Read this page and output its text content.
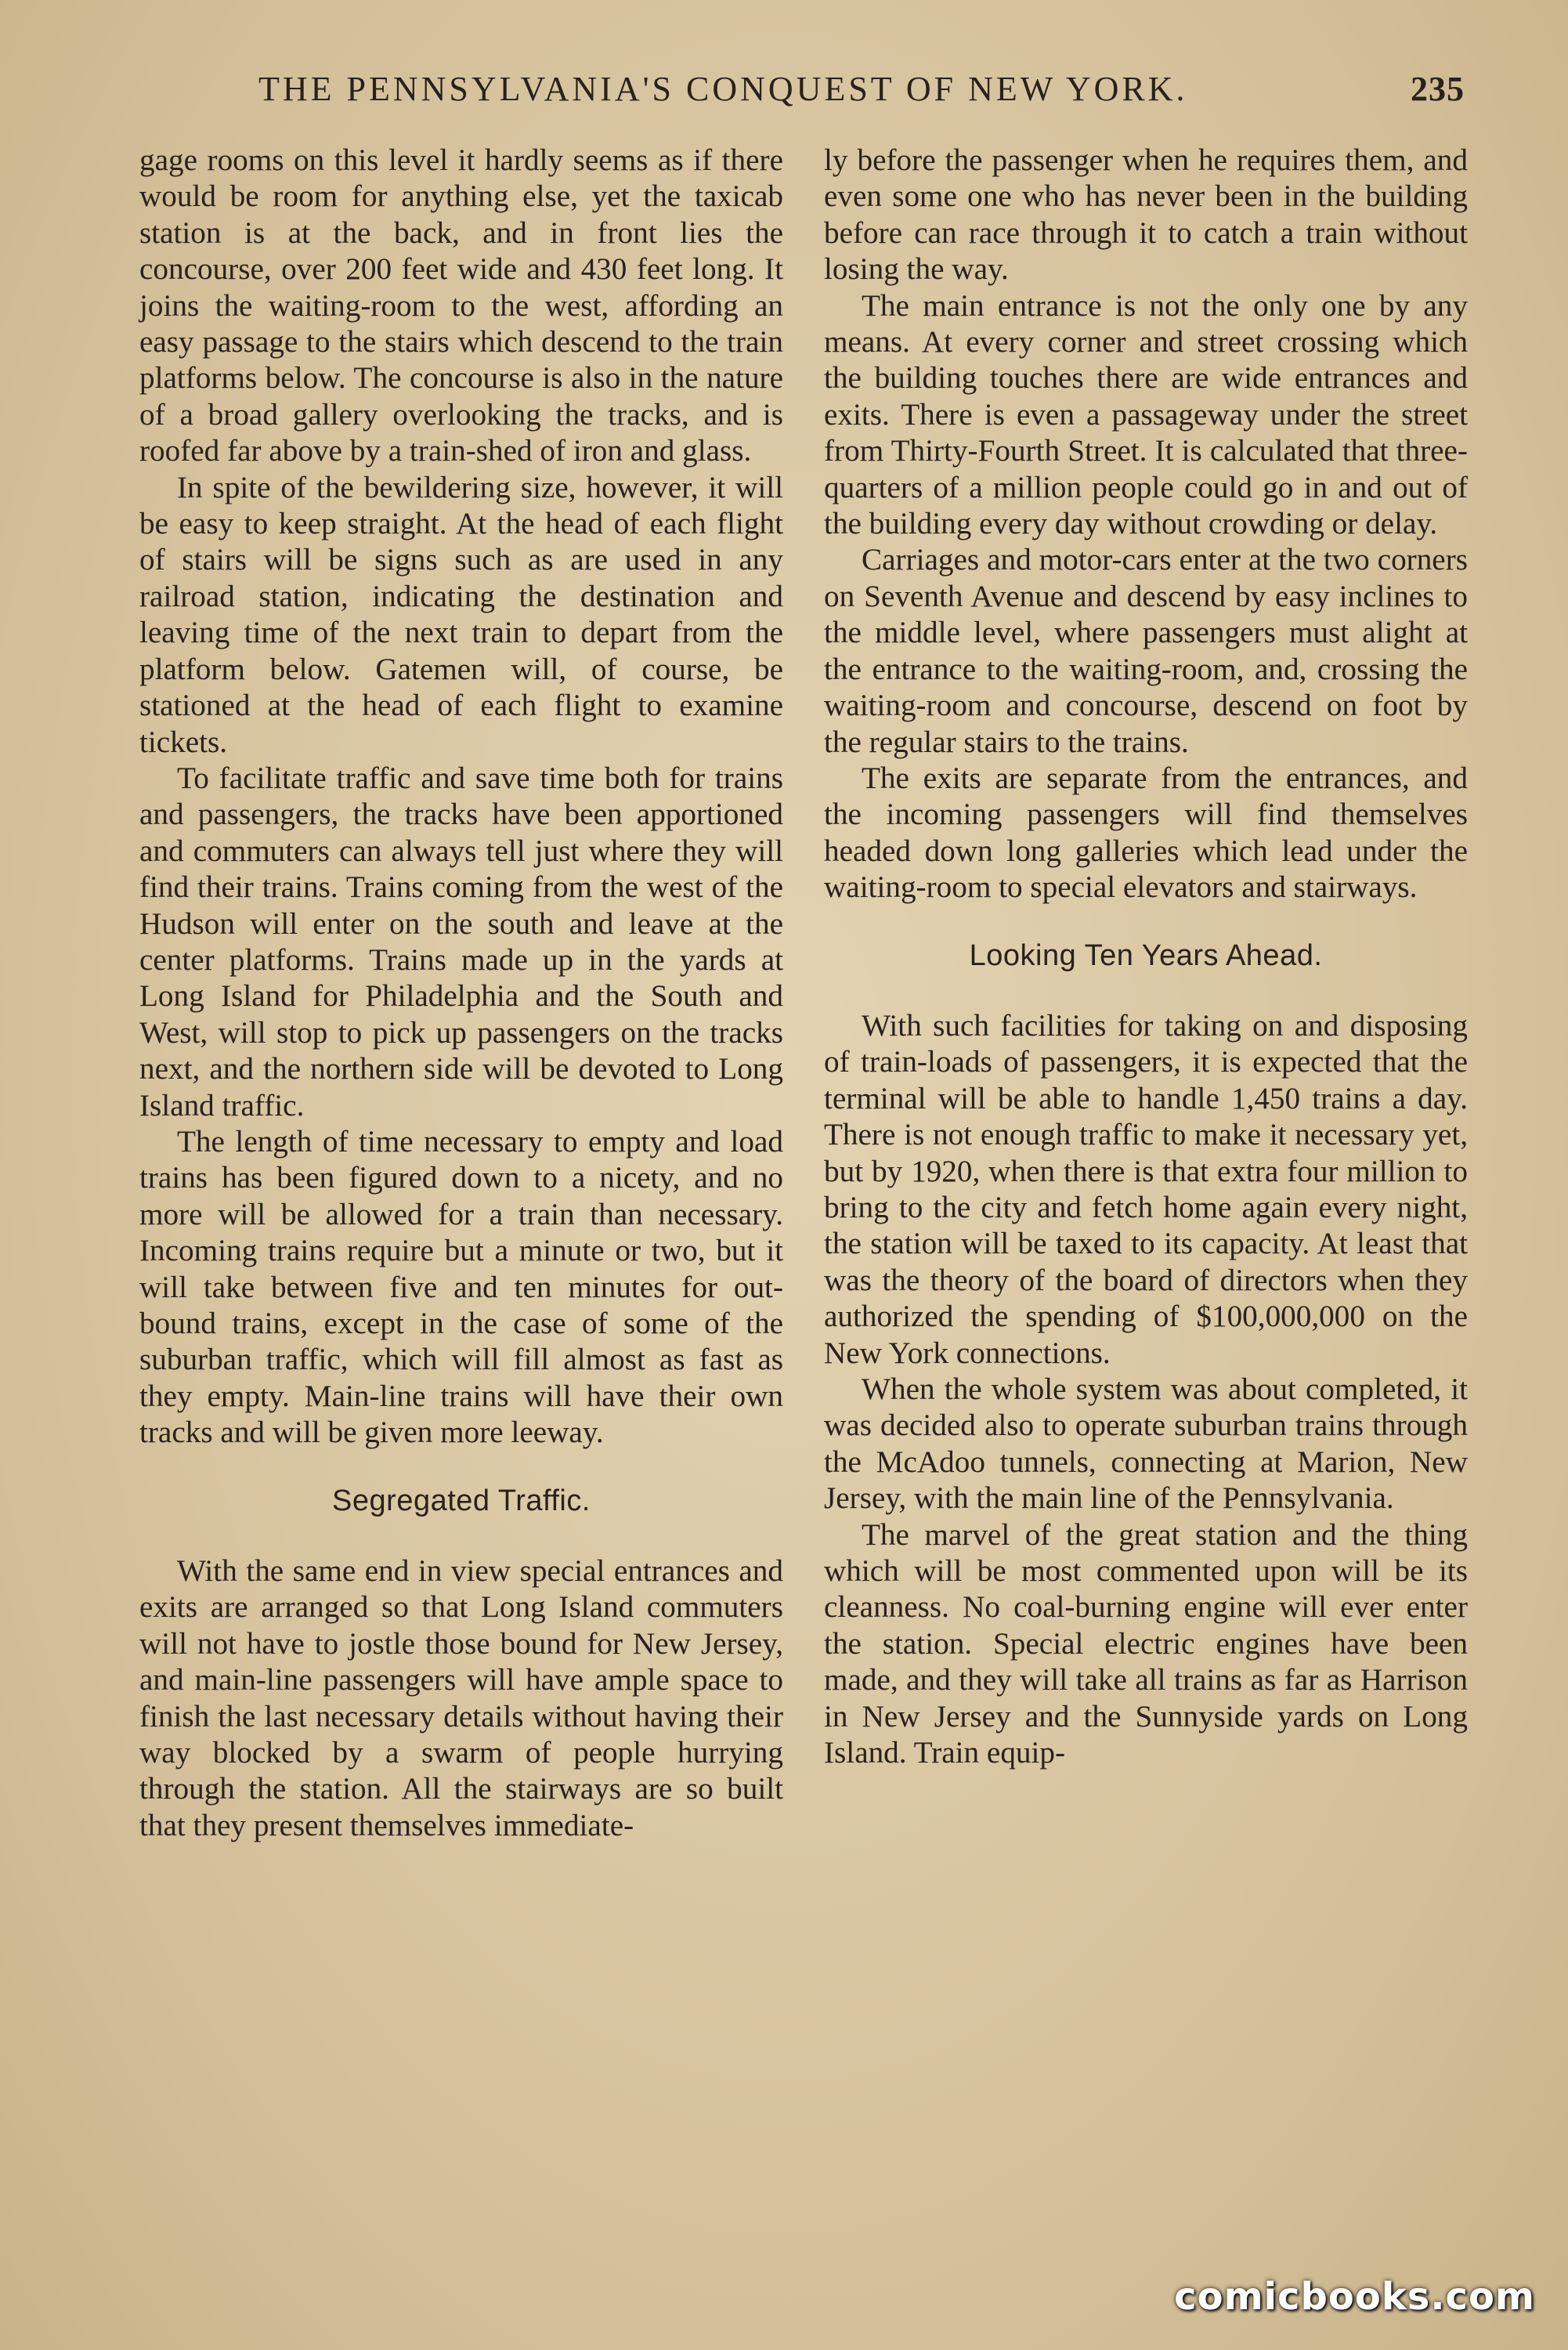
THE PENNSYLVANIA'S CONQUEST OF NEW YORK.	235

gage rooms on this level it hardly seems as if there would be room for anything else, yet the taxicab station is at the back, and in front lies the concourse, over 200 feet wide and 430 feet long. It joins the waiting-room to the west, affording an easy passage to the stairs which descend to the train platforms below. The concourse is also in the nature of a broad gallery overlooking the tracks, and is roofed far above by a train-shed of iron and glass.

In spite of the bewildering size, however, it will be easy to keep straight. At the head of each flight of stairs will be signs such as are used in any railroad station, indicating the destination and leaving time of the next train to depart from the platform below. Gatemen will, of course, be stationed at the head of each flight to examine tickets.

To facilitate traffic and save time both for trains and passengers, the tracks have been apportioned and commuters can always tell just where they will find their trains. Trains coming from the west of the Hudson will enter on the south and leave at the center platforms. Trains made up in the yards at Long Island for Philadelphia and the South and West, will stop to pick up passengers on the tracks next, and the northern side will be devoted to Long Island traffic.

The length of time necessary to empty and load trains has been figured down to a nicety, and no more will be allowed for a train than necessary. Incoming trains require but a minute or two, but it will take between five and ten minutes for out-bound trains, except in the case of some of the suburban traffic, which will fill almost as fast as they empty. Main-line trains will have their own tracks and will be given more leeway.

Segregated Traffic.

With the same end in view special entrances and exits are arranged so that Long Island commuters will not have to jostle those bound for New Jersey, and main-line passengers will have ample space to finish the last necessary details without having their way blocked by a swarm of people hurrying through the station. All the stairways are so built that they present themselves immediate-

ly before the passenger when he requires them, and even some one who has never been in the building before can race through it to catch a train without losing the way.

The main entrance is not the only one by any means. At every corner and street crossing which the building touches there are wide entrances and exits. There is even a passageway under the street from Thirty-Fourth Street. It is calculated that three-quarters of a million people could go in and out of the building every day without crowding or delay.

Carriages and motor-cars enter at the two corners on Seventh Avenue and descend by easy inclines to the middle level, where passengers must alight at the entrance to the waiting-room, and, crossing the waiting-room and concourse, descend on foot by the regular stairs to the trains.

The exits are separate from the entrances, and the incoming passengers will find themselves headed down long galleries which lead under the waiting-room to special elevators and stairways.

Looking Ten Years Ahead.

With such facilities for taking on and disposing of train-loads of passengers, it is expected that the terminal will be able to handle 1,450 trains a day. There is not enough traffic to make it necessary yet, but by 1920, when there is that extra four million to bring to the city and fetch home again every night, the station will be taxed to its capacity. At least that was the theory of the board of directors when they authorized the spending of $100,000,000 on the New York connections.

When the whole system was about completed, it was decided also to operate suburban trains through the McAdoo tunnels, connecting at Marion, New Jersey, with the main line of the Pennsylvania.

The marvel of the great station and the thing which will be most commented upon will be its cleanness. No coal-burning engine will ever enter the station. Special electric engines have been made, and they will take all trains as far as Harrison in New Jersey and the Sunnyside yards on Long Island. Train equip-

comicbooks.com
